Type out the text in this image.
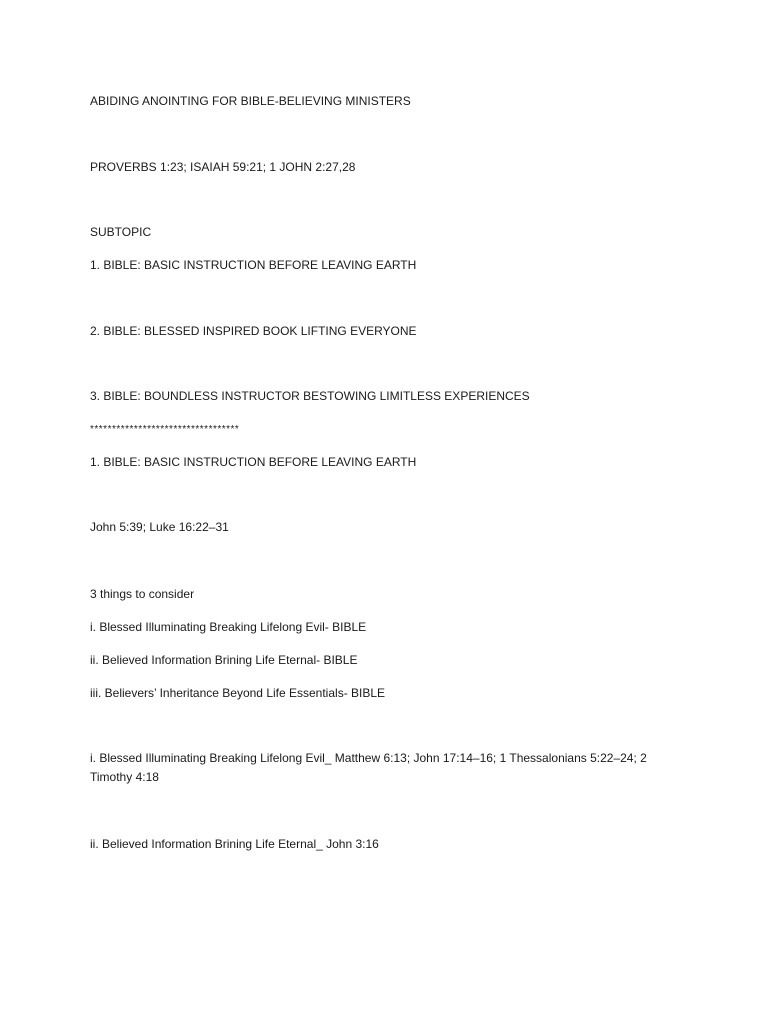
ABIDING ANOINTING FOR BIBLE-BELIEVING MINISTERS
PROVERBS 1:23; ISAIAH 59:21; 1 JOHN 2:27,28
SUBTOPIC
1. BIBLE: BASIC INSTRUCTION BEFORE LEAVING EARTH
2. BIBLE: BLESSED INSPIRED BOOK LIFTING EVERYONE
3. BIBLE: BOUNDLESS INSTRUCTOR BESTOWING LIMITLESS EXPERIENCES
**********************************
1. BIBLE: BASIC INSTRUCTION BEFORE LEAVING EARTH
John 5:39; Luke 16:22–31
3 things to consider
i. Blessed Illuminating Breaking Lifelong Evil- BIBLE
ii. Believed Information Brining Life Eternal- BIBLE
iii. Believers’ Inheritance Beyond Life Essentials- BIBLE
i. Blessed Illuminating Breaking Lifelong Evil_ Matthew 6:13; John 17:14–16; 1 Thessalonians 5:22–24; 2 Timothy 4:18
ii. Believed Information Brining Life Eternal_ John 3:16
